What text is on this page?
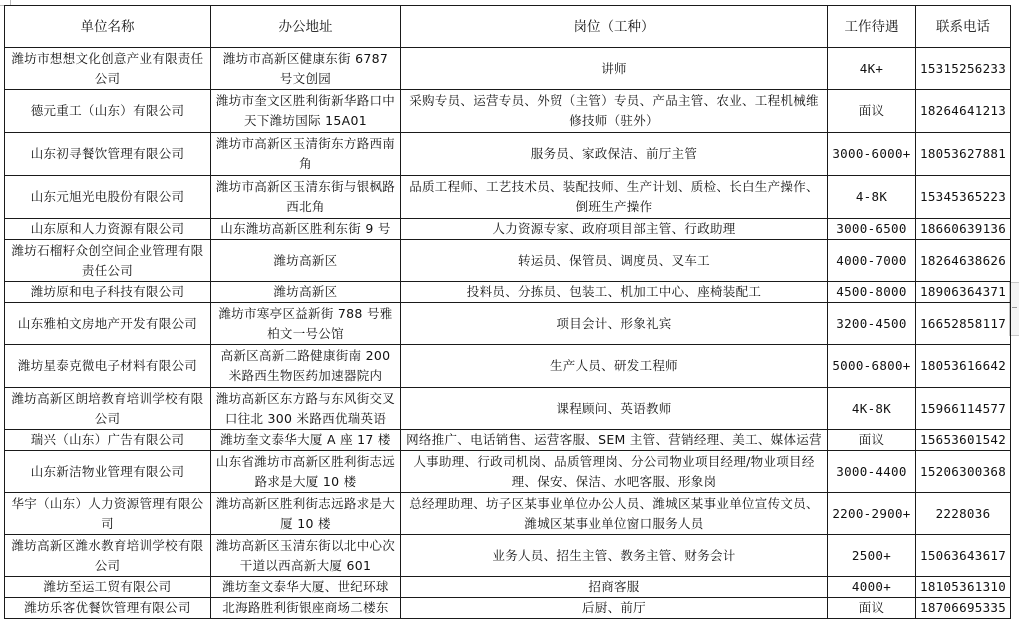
单位名称	办公地址	岗位（工种）	工作待遇	联系电话
潍坊市想想文化创意产业有限责任公司	潍坊市高新区健康东街 6787 号文创园	讲师	4K+	15315256233
德元重工（山东）有限公司	潍坊市奎文区胜利街新华路口中天下潍坊国际 15A01	采购专员、运营专员、外贸（主管）专员、产品主管、农业、工程机械维修技师（驻外）	面议	18264641213
山东初寻餐饮管理有限公司	潍坊市高新区玉清街东方路西南角	服务员、家政保洁、前厅主管	3000-6000+	18053627881
山东元旭光电股份有限公司	潍坊市高新区玉清东街与银枫路西北角	品质工程师、工艺技术员、装配技师、生产计划、质检、长白生产操作、倒班生产操作	4-8K	15345365223
山东原和人力资源有限公司	山东潍坊高新区胜利东街 9 号	人力资源专家、政府项目部主管、行政助理	3000-6500	18660639136
潍坊石榴籽众创空间企业管理有限责任公司	潍坊高新区	转运员、保管员、调度员、叉车工	4000-7000	18264638626
潍坊原和电子科技有限公司	潍坊高新区	投料员、分拣员、包装工、机加工中心、座椅装配工	4500-8000	18906364371
山东雅柏文房地产开发有限公司	潍坊市寒亭区益新街 788 号雅柏文一号公馆	项目会计、形象礼宾	3200-4500	16652858117
潍坊星泰克微电子材料有限公司	高新区高新二路健康街南 200 米路西生物医药加速器院内	生产人员、研发工程师	5000-6800+	18053616642
潍坊高新区朗培教育培训学校有限公司	潍坊高新区东方路与东风街交叉口往北 300 米路西优瑞英语	课程顾问、英语教师	4K-8K	15966114577
瑞兴（山东）广告有限公司	潍坊奎文泰华大厦 A 座 17 楼	网络推广、电话销售、运营客服、SEM 主管、营销经理、美工、媒体运营	面议	15653601542
山东新洁物业管理有限公司	山东省潍坊市高新区胜利街志远路求是大厦 10 楼	人事助理、行政司机岗、品质管理岗、分公司物业项目经理/物业项目经理、保安、保洁、水吧客服、形象岗	3000-4400	15206300368
华宇（山东）人力资源管理有限公司	潍坊高新区胜利街志远路求是大厦 10 楼	总经理助理、坊子区某事业单位办公人员、潍城区某事业单位宣传文员、潍城区某事业单位窗口服务人员	2200-2900+	2228036
潍坊高新区潍水教育培训学校有限公司	潍坊高新区玉清东街以北中心次干道以西高新大厦 601	业务人员、招生主管、教务主管、财务会计	2500+	15063643617
潍坊至运工贸有限公司	潍坊奎文泰华大厦、世纪环球	招商客服	4000+	18105361310
潍坊乐客优餐饮管理有限公司	北海路胜利街银座商场二楼东	后厨、前厅	面议	18706695335
